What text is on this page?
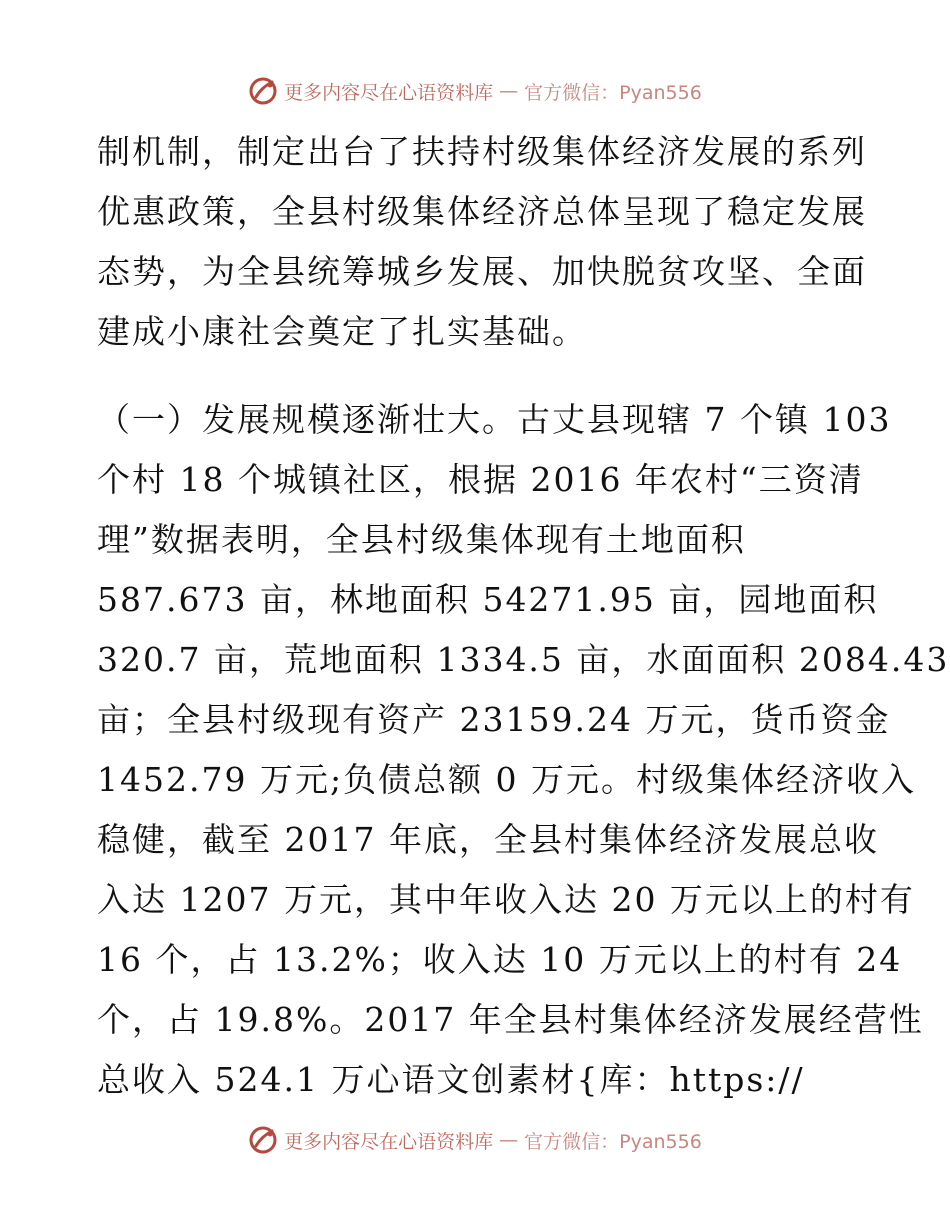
更多内容尽在心语资料库 — 官方微信：Pyan556

制机制，制定出台了扶持村级集体经济发展的系列
优惠政策，全县村级集体经济总体呈现了稳定发展
态势，为全县统筹城乡发展、加快脱贫攻坚、全面
建成小康社会奠定了扎实基础。

（一）发展规模逐渐壮大。古丈县现辖 7 个镇 103
个村 18 个城镇社区，根据 2016 年农村“三资清
理”数据表明，全县村级集体现有土地面积
587.673 亩，林地面积 54271.95 亩，园地面积
320.7 亩，荒地面积 1334.5 亩，水面面积 2084.43
亩；全县村级现有资产 23159.24 万元，货币资金
1452.79 万元;负债总额 0 万元。村级集体经济收入
稳健，截至 2017 年底，全县村集体经济发展总收
入达 1207 万元，其中年收入达 20 万元以上的村有
16 个，占 13.2%；收入达 10 万元以上的村有 24
个，占 19.8%。2017 年全县村集体经济发展经营性
总收入 524.1 万心语文创素材{库：https://

更多内容尽在心语资料库 — 官方微信：Pyan556
